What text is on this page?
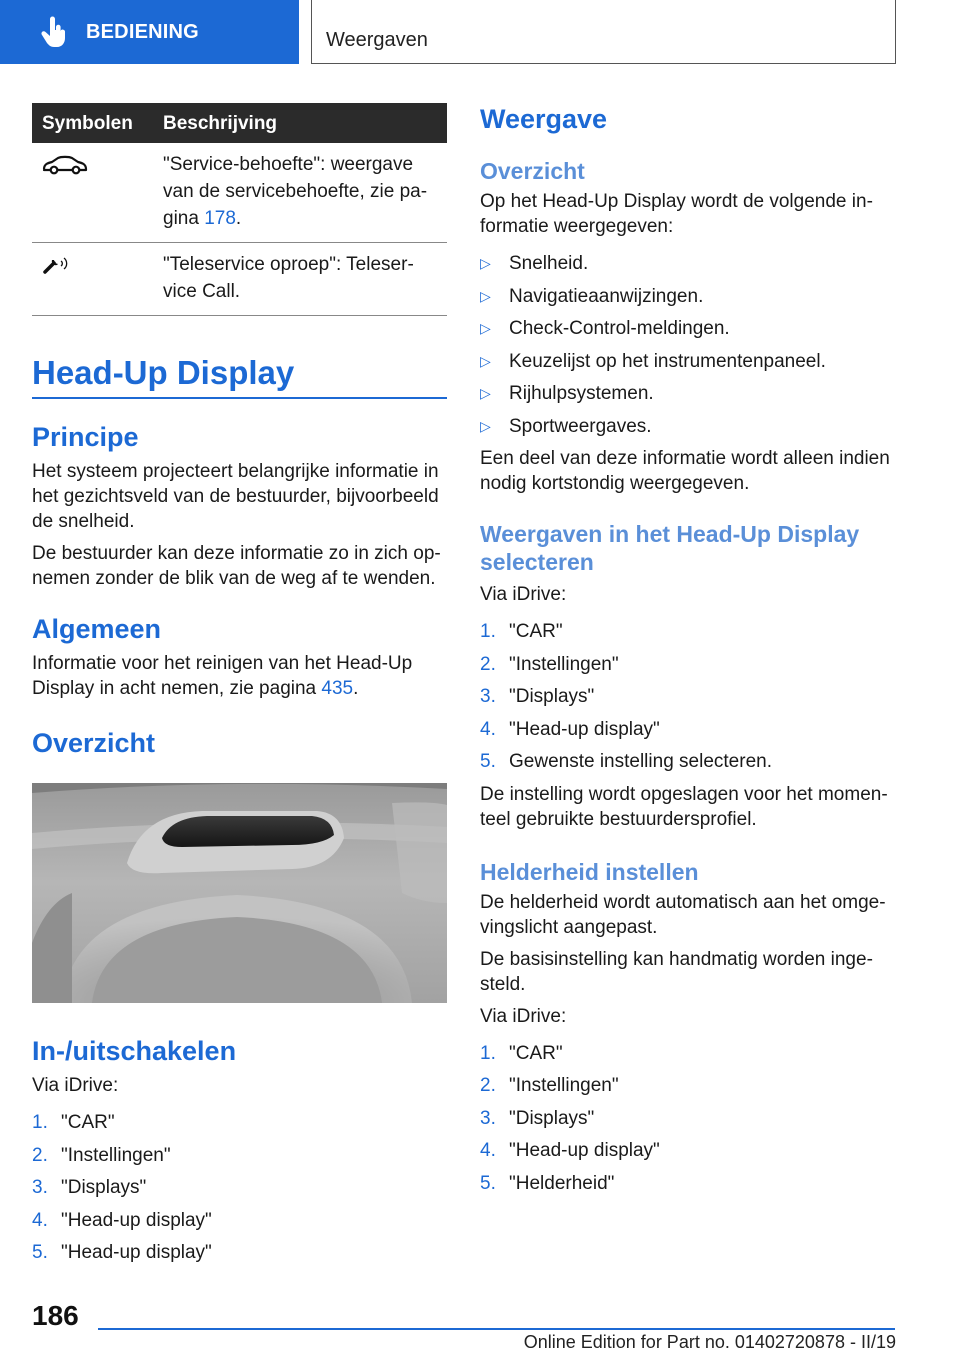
BEDIENING	Weergaven
Symbolen	Beschrijving
	"Service-behoefte": weergave van de servicebehoefte, zie pagina 178.
	"Teleservice oproep": Teleservice Call.
Head-Up Display
Principe

Het systeem projecteert belangrijke informatie in het gezichtsveld van de bestuurder, bijvoorbeeld de snelheid.

De bestuurder kan deze informatie zo in zich opnemen zonder de blik van de weg af te wenden.

Algemeen

Informatie voor het reinigen van het Head-Up Display in acht nemen, zie pagina 435.

Overzicht
In-/uitschakelen

Via iDrive:

1. "CAR"
2. "Instellingen"
3. "Displays"
4. "Head-up display"
5. "Head-up display"
Weergave
Overzicht

Op het Head-Up Display wordt de volgende informatie weergegeven:

▷ Snelheid.
▷ Navigatieaanwijzingen.
▷ Check-Control-meldingen.
▷ Keuzelijst op het instrumentenpaneel.
▷ Rijhulpsystemen.
▷ Sportweergaves.

Een deel van deze informatie wordt alleen indien nodig kortstondig weergegeven.

Weergaven in het Head-Up Display selecteren

Via iDrive:

1. "CAR"
2. "Instellingen"
3. "Displays"
4. "Head-up display"
5. Gewenste instelling selecteren.

De instelling wordt opgeslagen voor het momenteel gebruikte bestuurdersprofiel.

Helderheid instellen

De helderheid wordt automatisch aan het omgevingslicht aangepast.

De basisinstelling kan handmatig worden ingesteld.

Via iDrive:

1. "CAR"
2. "Instellingen"
3. "Displays"
4. "Head-up display"
5. "Helderheid"
186
Online Edition for Part no. 01402720878 - II/19
